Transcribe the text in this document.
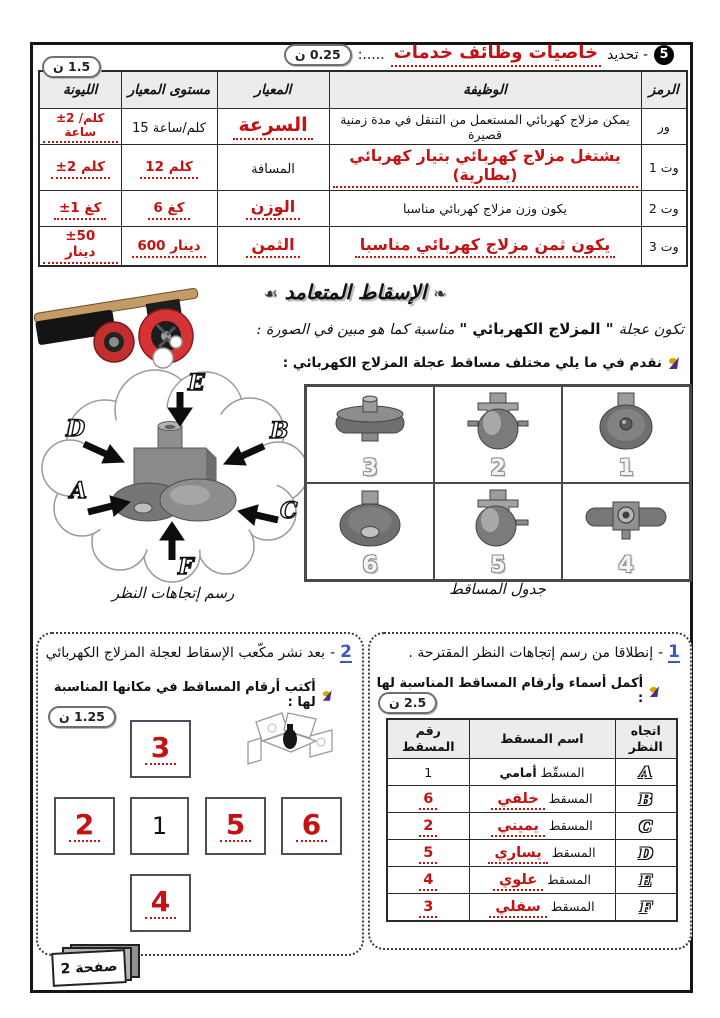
5
- تحديد
خاصيات وظائف خدمات
.....:
0.25 ن
1.5 ن
الرمز	الوظيفة	المعيار	مستوى المعيار	الليونة
ور	يمكن مزلاج كهربائي المستعمل من التنقل في مدة زمنية قصيرة	السرعة	15 كلم/ساعة	±2 كلم/ساعة
وت 1	يشتغل مزلاج كهربائي بتيار كهربائي (بطارية)	المسافة	12 كلم	±2 كلم
وت 2	يكون وزن مزلاج كهربائي مناسبا	الوزن	6 كغ	±1 كغ
وت 3	يكون ثمن مزلاج كهربائي مناسبا	الثمن	600 دينار	±50 دينار
❧ الإسقاط المتعامد ☙
تكون عجلة
" المزلاج الكهربائي "
مناسبة كما هو مبين في الصورة :
نقدم في ما يلي مختلف مساقط عجلة المزلاج الكهربائي :
E
D	B
A
C
F
رسم إتجاهات النظر
3	2	1
6	5	4
جدول المساقط
2
-
بعد نشر مكّعب الإسقاط لعجلة المزلاج الكهربائي
أكتب أرقام المساقط في مكانها المناسبة لها :
1.25 ن
3
2 1 5 6
4
1
-
إنطلاقا من رسم إتجاهات النظر المقترحة .
أكمل أسماء وأرقام المساقط المناسبة لها :
2.5 ن
اتجاه النظر	اسم المسقط	رقم المسقط
A	المسقّط أمامي	1
B	المسقط خلفي	6
C	المسقط يميني	2
D	المسقط يساري	5
E	المسقط علوي	4
F	المسقط سفلي	3
صفحة 2
